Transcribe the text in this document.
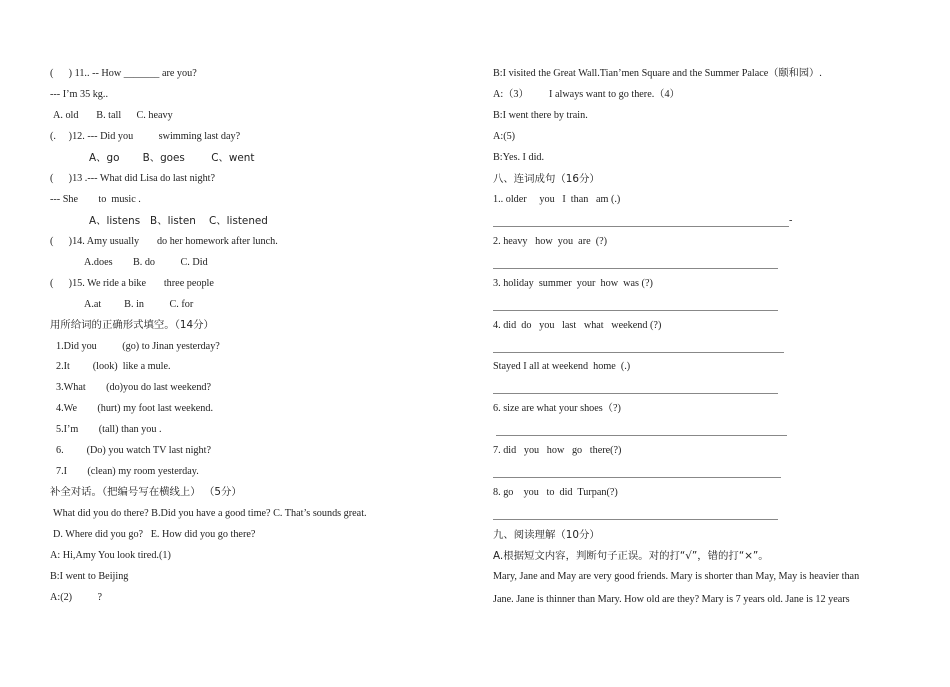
(      ) 11.. -- How _______ are you?
--- I’m 35 kg..
A. old       B. tall      C. heavy
(.     )12. --- Did you          swimming last day?
A、go       B、goes        C、went
(      )13 .--- What did Lisa do last night?
--- She        to  music .
A、listens   B、listen    C、listened
(      )14. Amy usually       do her homework after lunch.
A.does        B. do          C. Did
(      )15. We ride a bike       three people
A.at         B. in          C. for
用所给词的正确形式填空。（14分）
1.Did you          (go) to Jinan yesterday?
2.It         (look)  like a mule.
3.What        (do)you do last weekend?
4.We        (hurt) my foot last weekend.
5.I’m        (tall) than you .
6.         (Do) you watch TV last night?
7.I        (clean) my room yesterday.
补全对话。（把编号写在横线上） （5分）
What did you do there? B.Did you have a good time? C. That’s sounds great.
D. Where did you go?   E. How did you go there?
A: Hi,Amy You look tired.(1)
B:I went to Beijing
A:(2)          ?
B:I visited the Great Wall.Tian’men Square and the Summer Palace（颐和园）.
A:（3）        I always want to go there.（4）
B:I went there by train.
A:(5)
B:Yes. I did.
八、连词成句（16分）
1.. older     you   I  than   am (.)
-
2. heavy   how  you  are  (?)
3. holiday  summer  your  how  was (?)
4. did  do   you   last   what   weekend (?)
Stayed I all at weekend  home  (.)
6. size are what your shoes（?)
7. did   you   how   go   there(?)
8. go    you   to  did  Turpan(?)
九、阅读理解（10分）
A.根据短文内容，判断句子正误。对的打“√”，错的打“×”。
Mary, Jane and May are very good friends. Mary is shorter than May, May is heavier than
Jane. Jane is thinner than Mary. How old are they? Mary is 7 years old. Jane is 12 years
